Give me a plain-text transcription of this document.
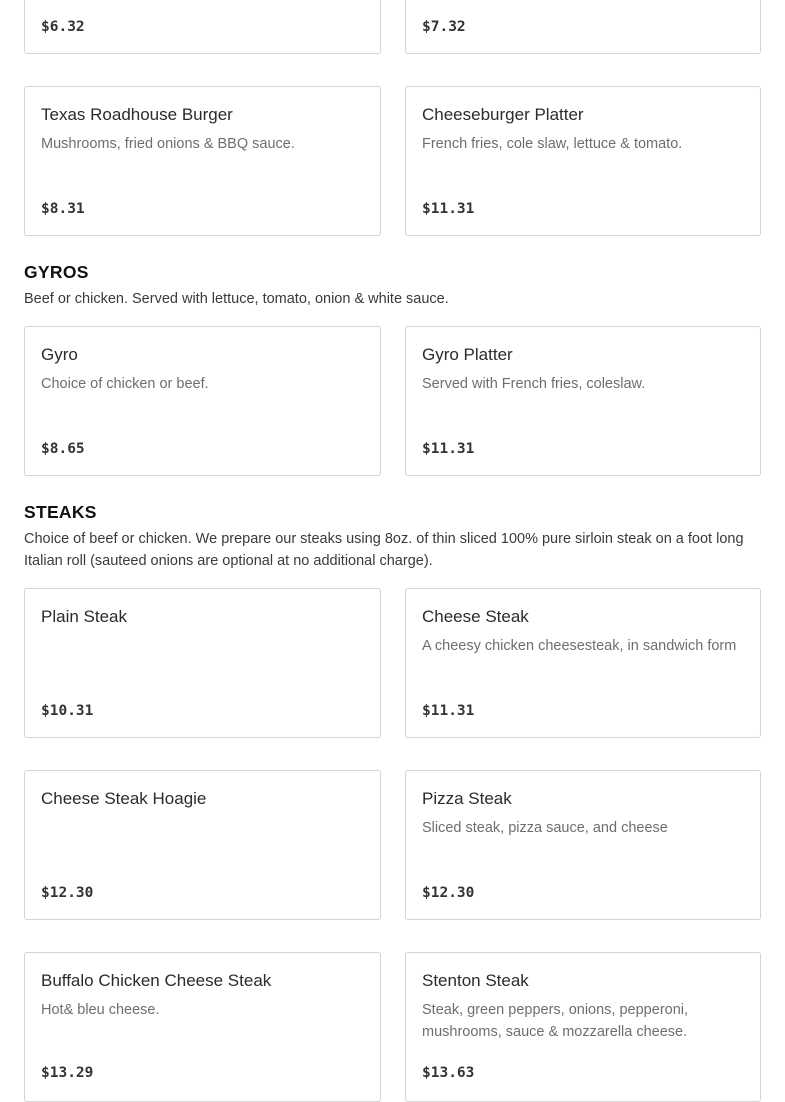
$6.32	$7.32
Texas Roadhouse Burger
Mushrooms, fried onions & BBQ sauce.
$8.31
Cheeseburger Platter
French fries, cole slaw, lettuce & tomato.
$11.31
GYROS
Beef or chicken. Served with lettuce, tomato, onion & white sauce.
Gyro
Choice of chicken or beef.
$8.65
Gyro Platter
Served with French fries, coleslaw.
$11.31
STEAKS
Choice of beef or chicken. We prepare our steaks using 8oz. of thin sliced 100% pure sirloin steak on a foot long Italian roll (sauteed onions are optional at no additional charge).
Plain Steak
$10.31
Cheese Steak
A cheesy chicken cheesesteak, in sandwich form
$11.31
Cheese Steak Hoagie
$12.30
Pizza Steak
Sliced steak, pizza sauce, and cheese
$12.30
Buffalo Chicken Cheese Steak
Hot& bleu cheese.
$13.29
Stenton Steak
Steak, green peppers, onions, pepperoni, mushrooms, sauce & mozzarella cheese.
$13.63
